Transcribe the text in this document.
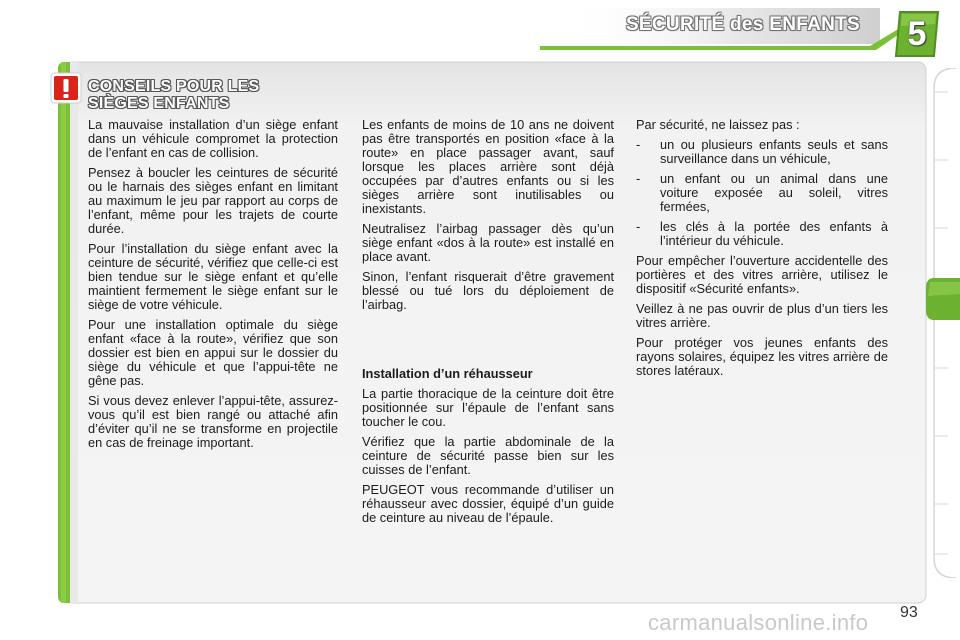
SÉCURITÉ des ENFANTS	5
CONSEILS POUR LES
SIÈGES ENFANTS

La mauvaise installation d’un siège enfant dans un véhicule compromet la protection de l’enfant en cas de collision.

Pensez à boucler les ceintures de sécurité ou le harnais des sièges enfant en limitant au maximum le jeu par rapport au corps de l’enfant, même pour les trajets de courte durée.

Pour l’installation du siège enfant avec la ceinture de sécurité, vérifiez que celle-ci est bien tendue sur le siège enfant et qu’elle maintient fermement le siège enfant sur le siège de votre véhicule.

Pour une installation optimale du siège enfant «face à la route», vérifiez que son dossier est bien en appui sur le dossier du siège du véhicule et que l’appui-tête ne gêne pas.

Si vous devez enlever l’appui-tête, assurez-vous qu’il est bien rangé ou attaché afin d’éviter qu’il ne se transforme en projectile en cas de freinage important.

Les enfants de moins de 10 ans ne doivent pas être transportés en position «face à la route» en place passager avant, sauf lorsque les places arrière sont déjà occupées par d’autres enfants ou si les sièges arrière sont inutilisables ou inexistants.

Neutralisez l’airbag passager dès qu’un siège enfant «dos à la route» est installé en place avant.

Sinon, l’enfant risquerait d’être gravement blessé ou tué lors du déploiement de l’airbag.

Installation d’un réhausseur

La partie thoracique de la ceinture doit être positionnée sur l’épaule de l’enfant sans toucher le cou.

Vérifiez que la partie abdominale de la ceinture de sécurité passe bien sur les cuisses de l’enfant.

PEUGEOT vous recommande d’utiliser un réhausseur avec dossier, équipé d’un guide de ceinture au niveau de l’épaule.

Par sécurité, ne laissez pas :

-	un ou plusieurs enfants seuls et sans surveillance dans un véhicule,
-	un enfant ou un animal dans une voiture exposée au soleil, vitres fermées,
-	les clés à la portée des enfants à l’intérieur du véhicule.

Pour empêcher l’ouverture accidentelle des portières et des vitres arrière, utilisez le dispositif «Sécurité enfants».

Veillez à ne pas ouvrir de plus d’un tiers les vitres arrière.

Pour protéger vos jeunes enfants des rayons solaires, équipez les vitres arrière de stores latéraux.

93
carmanualsonline.info
